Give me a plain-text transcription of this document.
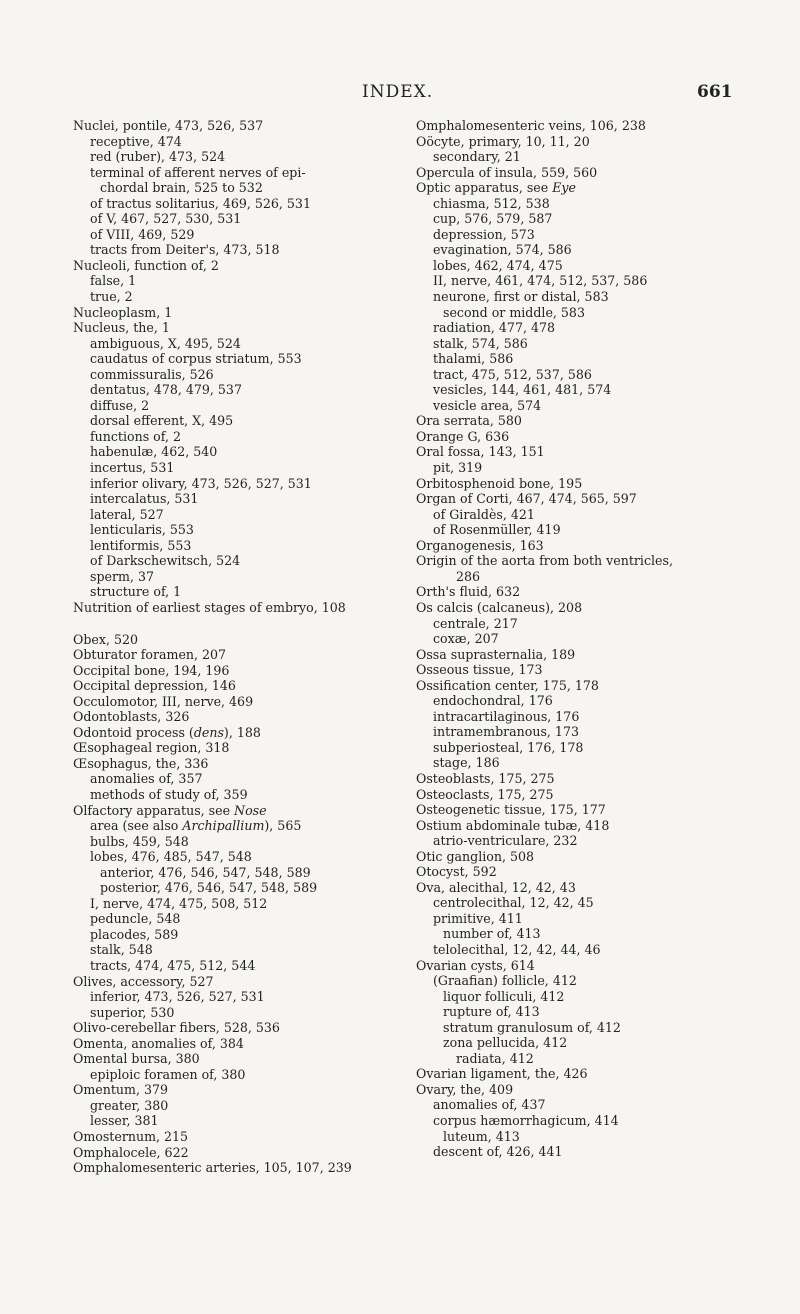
INDEX.	661
Nuclei, pontile, 473, 526, 537
receptive, 474
red (ruber), 473, 524
terminal of afferent nerves of epi-
chordal brain, 525 to 532
of tractus solitarius, 469, 526, 531
of V, 467, 527, 530, 531
of VIII, 469, 529
tracts from Deiter's, 473, 518
Nucleoli, function of, 2
false, 1
true, 2
Nucleoplasm, 1
Nucleus, the, 1
ambiguous, X, 495, 524
caudatus of corpus striatum, 553
commissuralis, 526
dentatus, 478, 479, 537
diffuse, 2
dorsal efferent, X, 495
functions of, 2
habenulæ, 462, 540
incertus, 531
inferior olivary, 473, 526, 527, 531
intercalatus, 531
lateral, 527
lenticularis, 553
lentiformis, 553
of Darkschewitsch, 524
sperm, 37
structure of, 1
Nutrition of earliest stages of embryo, 108
Obex, 520
Obturator foramen, 207
Occipital bone, 194, 196
Occipital depression, 146
Occulomotor, III, nerve, 469
Odontoblasts, 326
Odontoid process (dens), 188
Œsophageal region, 318
Œsophagus, the, 336
anomalies of, 357
methods of study of, 359
Olfactory apparatus, see Nose
area (see also Archipallium), 565
bulbs, 459, 548
lobes, 476, 485, 547, 548
anterior, 476, 546, 547, 548, 589
posterior, 476, 546, 547, 548, 589
I, nerve, 474, 475, 508, 512
peduncle, 548
placodes, 589
stalk, 548
tracts, 474, 475, 512, 544
Olives, accessory, 527
inferior, 473, 526, 527, 531
superior, 530
Olivo-cerebellar fibers, 528, 536
Omenta, anomalies of, 384
Omental bursa, 380
epiploic foramen of, 380
Omentum, 379
greater, 380
lesser, 381
Omosternum, 215
Omphalocele, 622
Omphalomesenteric arteries, 105, 107, 239
Omphalomesenteric veins, 106, 238
Oöcyte, primary, 10, 11, 20
secondary, 21
Opercula of insula, 559, 560
Optic apparatus, see Eye
chiasma, 512, 538
cup, 576, 579, 587
depression, 573
evagination, 574, 586
lobes, 462, 474, 475
II, nerve, 461, 474, 512, 537, 586
neurone, first or distal, 583
second or middle, 583
radiation, 477, 478
stalk, 574, 586
thalami, 586
tract, 475, 512, 537, 586
vesicles, 144, 461, 481, 574
vesicle area, 574
Ora serrata, 580
Orange G, 636
Oral fossa, 143, 151
pit, 319
Orbitosphenoid bone, 195
Organ of Corti, 467, 474, 565, 597
of Giraldès, 421
of Rosenmüller, 419
Organogenesis, 163
Origin of the aorta from both ventricles,
286
Orth's fluid, 632
Os calcis (calcaneus), 208
centrale, 217
coxæ, 207
Ossa suprasternalia, 189
Osseous tissue, 173
Ossification center, 175, 178
endochondral, 176
intracartilaginous, 176
intramembranous, 173
subperiosteal, 176, 178
stage, 186
Osteoblasts, 175, 275
Osteoclasts, 175, 275
Osteogenetic tissue, 175, 177
Ostium abdominale tubæ, 418
atrio-ventriculare, 232
Otic ganglion, 508
Otocyst, 592
Ova, alecithal, 12, 42, 43
centrolecithal, 12, 42, 45
primitive, 411
number of, 413
telolecithal, 12, 42, 44, 46
Ovarian cysts, 614
(Graafian) follicle, 412
liquor folliculi, 412
rupture of, 413
stratum granulosum of, 412
zona pellucida, 412
radiata, 412
Ovarian ligament, the, 426
Ovary, the, 409
anomalies of, 437
corpus hæmorrhagicum, 414
luteum, 413
descent of, 426, 441
